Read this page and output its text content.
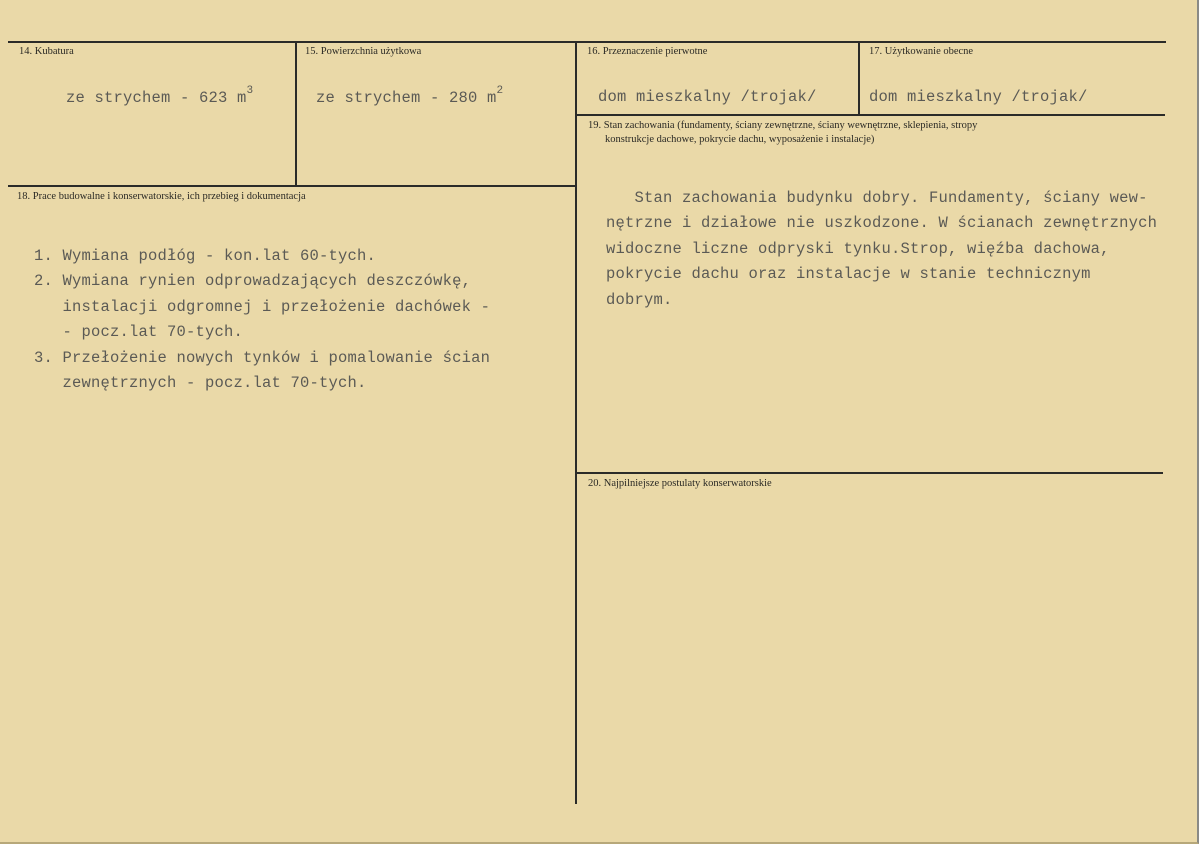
14. Kubatura
ze strychem - 623 $m^3$
15. Powierzchnia użytkowa
ze strychem - 280 $m^2$
16. Przeznaczenie pierwotne
dom mieszkalny /trojak/
17. Użytkowanie obecne
dom mieszkalny /trojak/
18. Prace budowalne i konserwatorskie, ich przebieg i dokumentacja

1. Wymiana podłóg - kon.lat 60-tych.
2. Wymiana rynien odprowadzających deszczówkę,
instalacji odgromnej i przełożenie dachówek -
- pocz.lat 70-tych.
3. Przełożenie nowych tynków i pomalowanie ścian
zewnętrznych - pocz.lat 70-tych.

19. Stan zachowania (fundamenty, ściany zewnętrzne, ściany wewnętrzne, sklepienia, stropy
konstrukcje dachowe, pokrycie dachu, wyposażenie i instalacje)

Stan zachowania budynku dobry. Fundamenty, ściany wew-
nętrzne i działowe nie uszkodzone. W ścianach zewnętrznych
widoczne liczne odpryski tynku.Strop, więźba dachowa,
pokrycie dachu oraz instalacje w stanie technicznym
dobrym.

20. Najpilniejsze postulaty konserwatorskie
